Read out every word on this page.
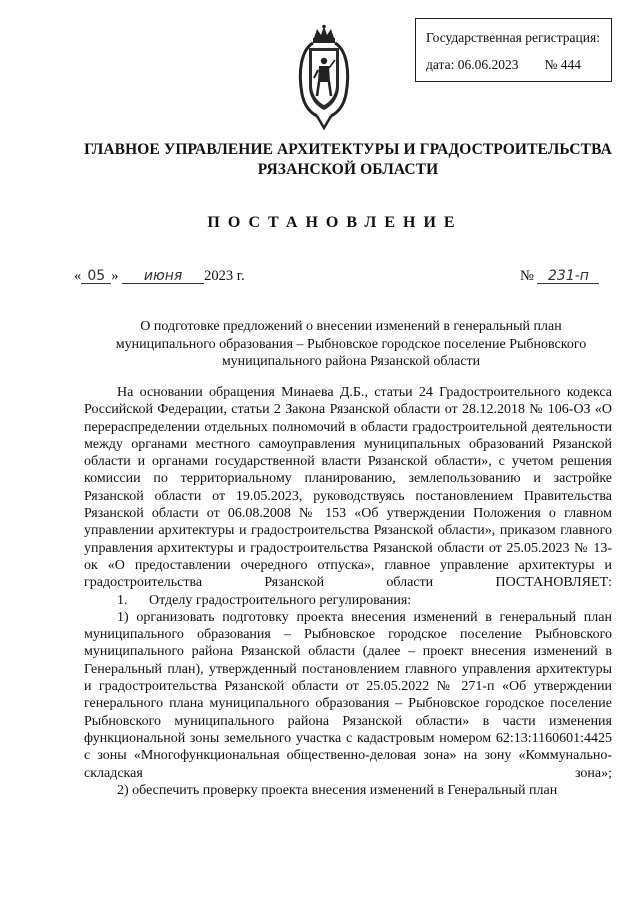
Государственная регистрация:
дата: 06.06.2023 № 444
ГЛАВНОЕ УПРАВЛЕНИЕ АРХИТЕКТУРЫ И ГРАДОСТРОИТЕЛЬСТВА
РЯЗАНСКОЙ ОБЛАСТИ
ПОСТАНОВЛЕНИЕ
« 05 » июня 2023 г.	№ 231-п
О подготовке предложений о внесении изменений в генеральный план
муниципального образования – Рыбновское городское поселение Рыбновского
муниципального района Рязанской области

На основании обращения Минаева Д.Б., статьи 24 Градостроительного кодекса Российской Федерации, статьи 2 Закона Рязанской области от 28.12.2018 № 106-ОЗ «О перераспределении отдельных полномочий в области градостроительной деятельности между органами местного самоуправления муниципальных образований Рязанской области и органами государственной власти Рязанской области», с учетом решения комиссии по территориальному планированию, землепользованию и застройке Рязанской области от 19.05.2023, руководствуясь постановлением Правительства Рязанской области от 06.08.2008 № 153 «Об утверждении Положения о главном управлении архитектуры и градостроительства Рязанской области», приказом главного управления архитектуры и градостроительства Рязанской области от 25.05.2023 № 13-ок «О предоставлении очередного отпуска», главное управление архитектуры и градостроительства Рязанской области ПОСТАНОВЛЯЕТ:

1. Отделу градостроительного регулирования:

1) организовать подготовку проекта внесения изменений в генеральный план муниципального образования – Рыбновское городское поселение Рыбновского муниципального района Рязанской области (далее – проект внесения изменений в Генеральный план), утвержденный постановлением главного управления архитектуры и градостроительства Рязанской области от 25.05.2022 № 271-п «Об утверждении генерального плана муниципального образования – Рыбновское городское поселение Рыбновского муниципального района Рязанской области» в части изменения функциональной зоны земельного участка с кадастровым номером 62:13:1160601:4425 с зоны «Многофункциональная общественно-деловая зона» на зону «Коммунально-складская зона»;

2) обеспечить проверку проекта внесения изменений в Генеральный план
